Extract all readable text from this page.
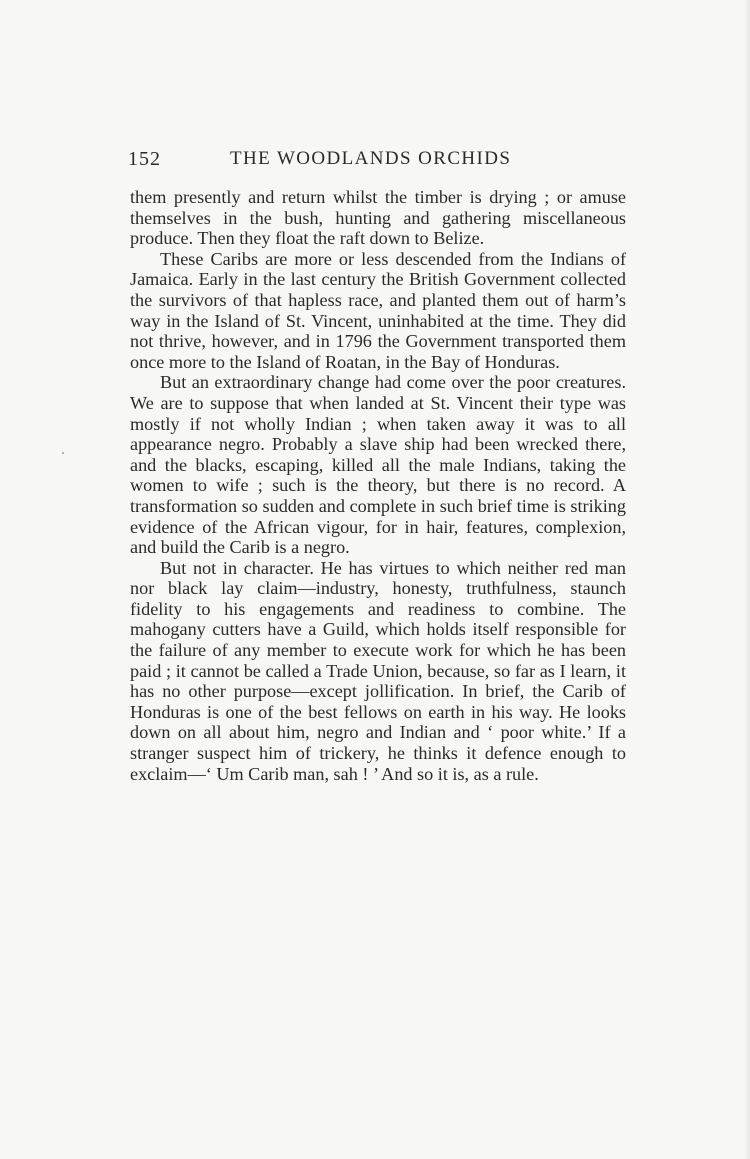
152	THE WOODLANDS ORCHIDS

them presently and return whilst the timber is drying ; or amuse themselves in the bush, hunting and gathering miscellaneous produce. Then they float the raft down to Belize.

These Caribs are more or less descended from the Indians of Jamaica. Early in the last century the British Government collected the survivors of that hapless race, and planted them out of harm’s way in the Island of St. Vincent, uninhabited at the time. They did not thrive, however, and in 1796 the Government transported them once more to the Island of Roatan, in the Bay of Honduras.

But an extraordinary change had come over the poor creatures. We are to suppose that when landed at St. Vincent their type was mostly if not wholly Indian ; when taken away it was to all appearance negro. Probably a slave ship had been wrecked there, and the blacks, escaping, killed all the male Indians, taking the women to wife ; such is the theory, but there is no record. A transformation so sudden and complete in such brief time is striking evidence of the African vigour, for in hair, features, complexion, and build the Carib is a negro.

But not in character. He has virtues to which neither red man nor black lay claim—industry, honesty, truthfulness, staunch fidelity to his engagements and readiness to combine. The mahogany cutters have a Guild, which holds itself responsible for the failure of any member to execute work for which he has been paid ; it cannot be called a Trade Union, because, so far as I learn, it has no other purpose—except jollification. In brief, the Carib of Honduras is one of the best fellows on earth in his way. He looks down on all about him, negro and Indian and ‘ poor white.’ If a stranger suspect him of trickery, he thinks it defence enough to exclaim—‘ Um Carib man, sah ! ’ And so it is, as a rule.
